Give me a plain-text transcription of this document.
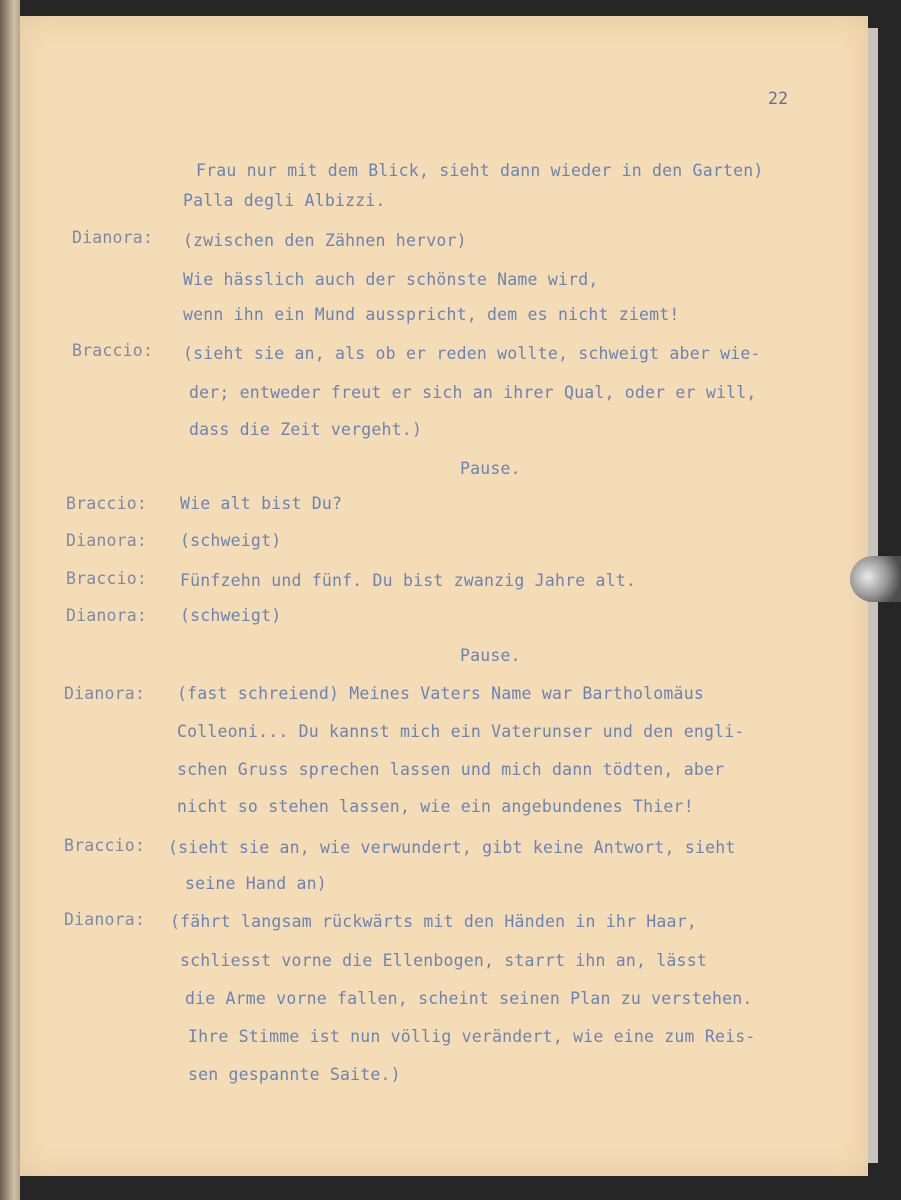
22
Frau nur mit dem Blick, sieht dann wieder in den Garten)
Palla degli Albizzi.
Dianora: (zwischen den Zähnen hervor)
Wie hässlich auch der schönste Name wird,
wenn ihn ein Mund ausspricht, dem es nicht ziemt!
Braccio: (sieht sie an, als ob er reden wollte, schweigt aber wie-
der; entweder freut er sich an ihrer Qual, oder er will,
dass die Zeit vergeht.)
Pause.
Braccio: Wie alt bist Du?
Dianora: (schweigt)
Braccio: Fünfzehn und fünf. Du bist zwanzig Jahre alt.
Dianora: (schweigt)
Pause.
Dianora: (fast schreiend) Meines Vaters Name war Bartholomäus
Colleoni... Du kannst mich ein Vaterunser und den engli-
schen Gruss sprechen lassen und mich dann tödten, aber
nicht so stehen lassen, wie ein angebundenes Thier!
Braccio: (sieht sie an, wie verwundert, gibt keine Antwort, sieht
seine Hand an)
Dianora: (fährt langsam rückwärts mit den Händen in ihr Haar,
schliesst vorne die Ellenbogen, starrt ihn an, lässt
die Arme vorne fallen, scheint seinen Plan zu verstehen.
Ihre Stimme ist nun völlig verändert, wie eine zum Reis-
sen gespannte Saite.)
